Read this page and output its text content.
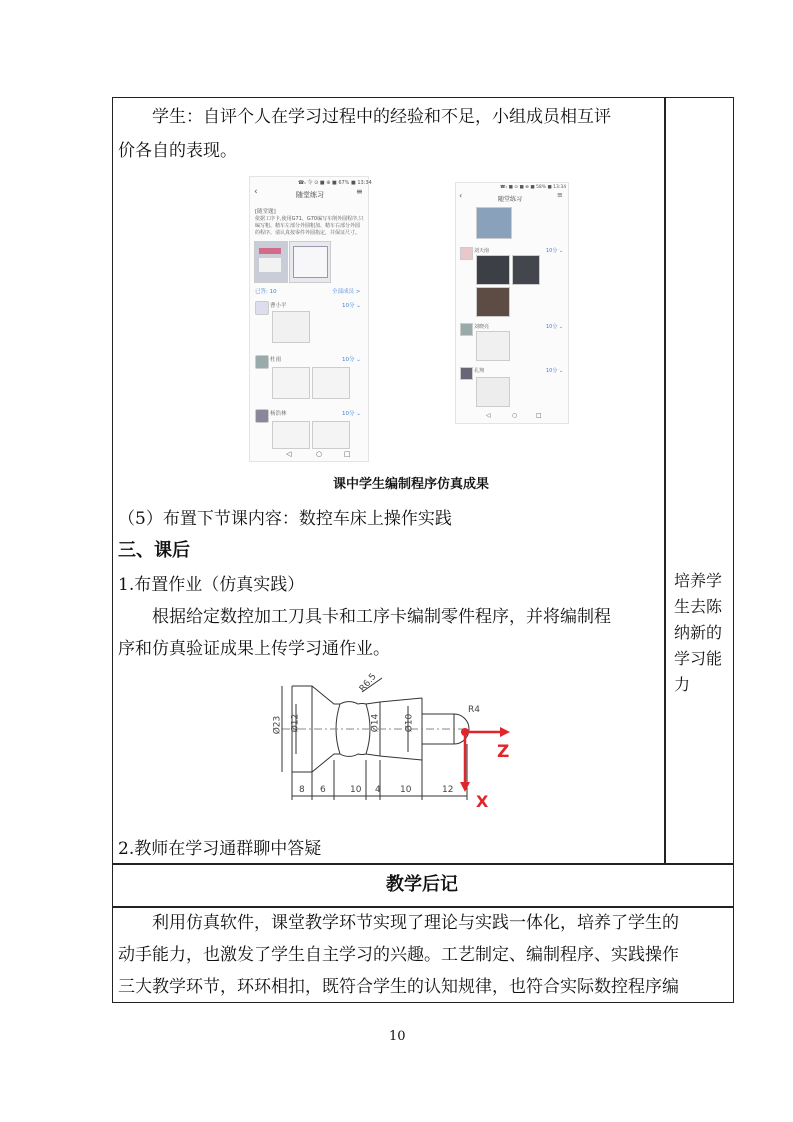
学生：自评个人在学习过程中的经验和不足，小组成员相互评
价各自的表现。
☎ᵢₗ 令 ⊙ ■ ⊕ ■ 67% ■ 13:34
‹	随堂练习	≡
[随堂题]
依据工序卡,使用G71、G70编写车削外圆程序,只
编写粗、精车左部分外圆粗加、精车右部分外圆
的程序。请认真按零件外圆指定，并保证尺寸。
已答: 10	全部成员 >
曹小平	10分 ⌄
杜雨	10分 ⌄
杨浩林	10分 ⌄
◁	○	□
☎ᵢₗ ■ ⊙ ■ ⊕ ■ 58% ■ 13:34
‹	随堂练习
≡
刘天南	10分 ⌄
刘晓亮	10分 ⌄
孔翔	10分 ⌄
◁	○	□
课中学生编制程序仿真成果
（5）布置下节课内容：数控车床上操作实践
三、课后
1.布置作业（仿真实践）
根据给定数控加工刀具卡和工序卡编制零件程序，并将编制程
序和仿真验证成果上传学习通作业。
Ø23 Ø12	Ø14	Ø10
R6.5
R4
8 6	10 4 10	12
Z
X
2.教师在学习通群聊中答疑
培养学
生去陈
纳新的
学习能
力
教学后记
利用仿真软件，课堂教学环节实现了理论与实践一体化，培养了学生的
动手能力，也激发了学生自主学习的兴趣。工艺制定、编制程序、实践操作
三大教学环节，环环相扣，既符合学生的认知规律，也符合实际数控程序编
10
